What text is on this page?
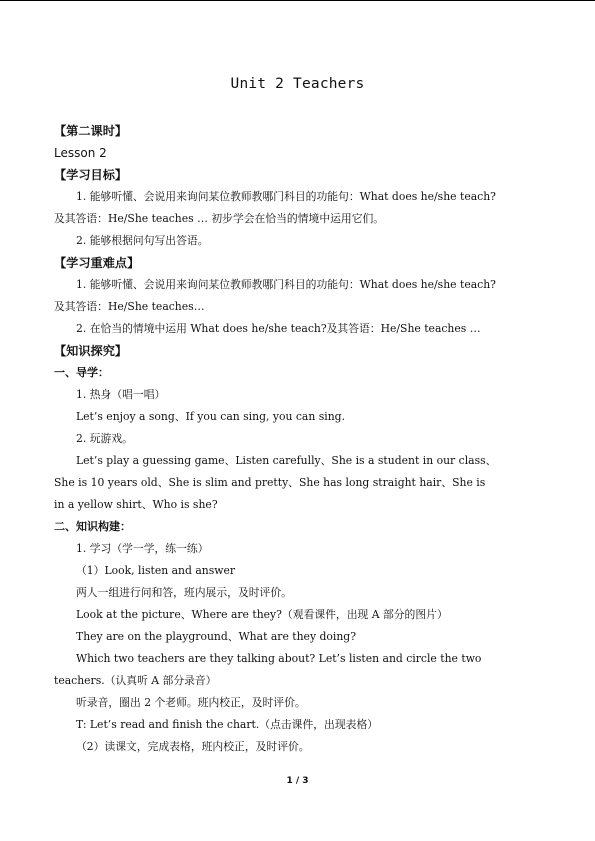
Unit 2 Teachers
【第二课时】
Lesson 2
【学习目标】
1. 能够听懂、会说用来询问某位教师教哪门科目的功能句：What does he/she teach?
及其答语：He/She teaches … 初步学会在恰当的情境中运用它们。
2. 能够根据问句写出答语。
【学习重难点】
1. 能够听懂、会说用来询问某位教师教哪门科目的功能句：What does he/she teach?
及其答语：He/She teaches…
2. 在恰当的情境中运用 What does he/she teach?及其答语：He/She teaches …
【知识探究】
一、导学：
1. 热身（唱一唱）
Let’s enjoy a song、If you can sing, you can sing.
2. 玩游戏。
Let’s play a guessing game、Listen carefully、She is a student in our class、
She is 10 years old、She is slim and pretty、She has long straight hair、She is
in a yellow shirt、Who is she?
二、知识构建：
1. 学习（学一学，练一练）
（1）Look, listen and answer
两人一组进行问和答，班内展示，及时评价。
Look at the picture、Where are they?（观看课件，出现 A 部分的图片）
They are on the playground、What are they doing?
Which two teachers are they talking about? Let’s listen and circle the two
teachers.（认真听 A 部分录音）
听录音，圈出 2 个老师。班内校正，及时评价。
T: Let’s read and finish the chart.（点击课件，出现表格）
（2）读课文，完成表格，班内校正，及时评价。
1 / 3
